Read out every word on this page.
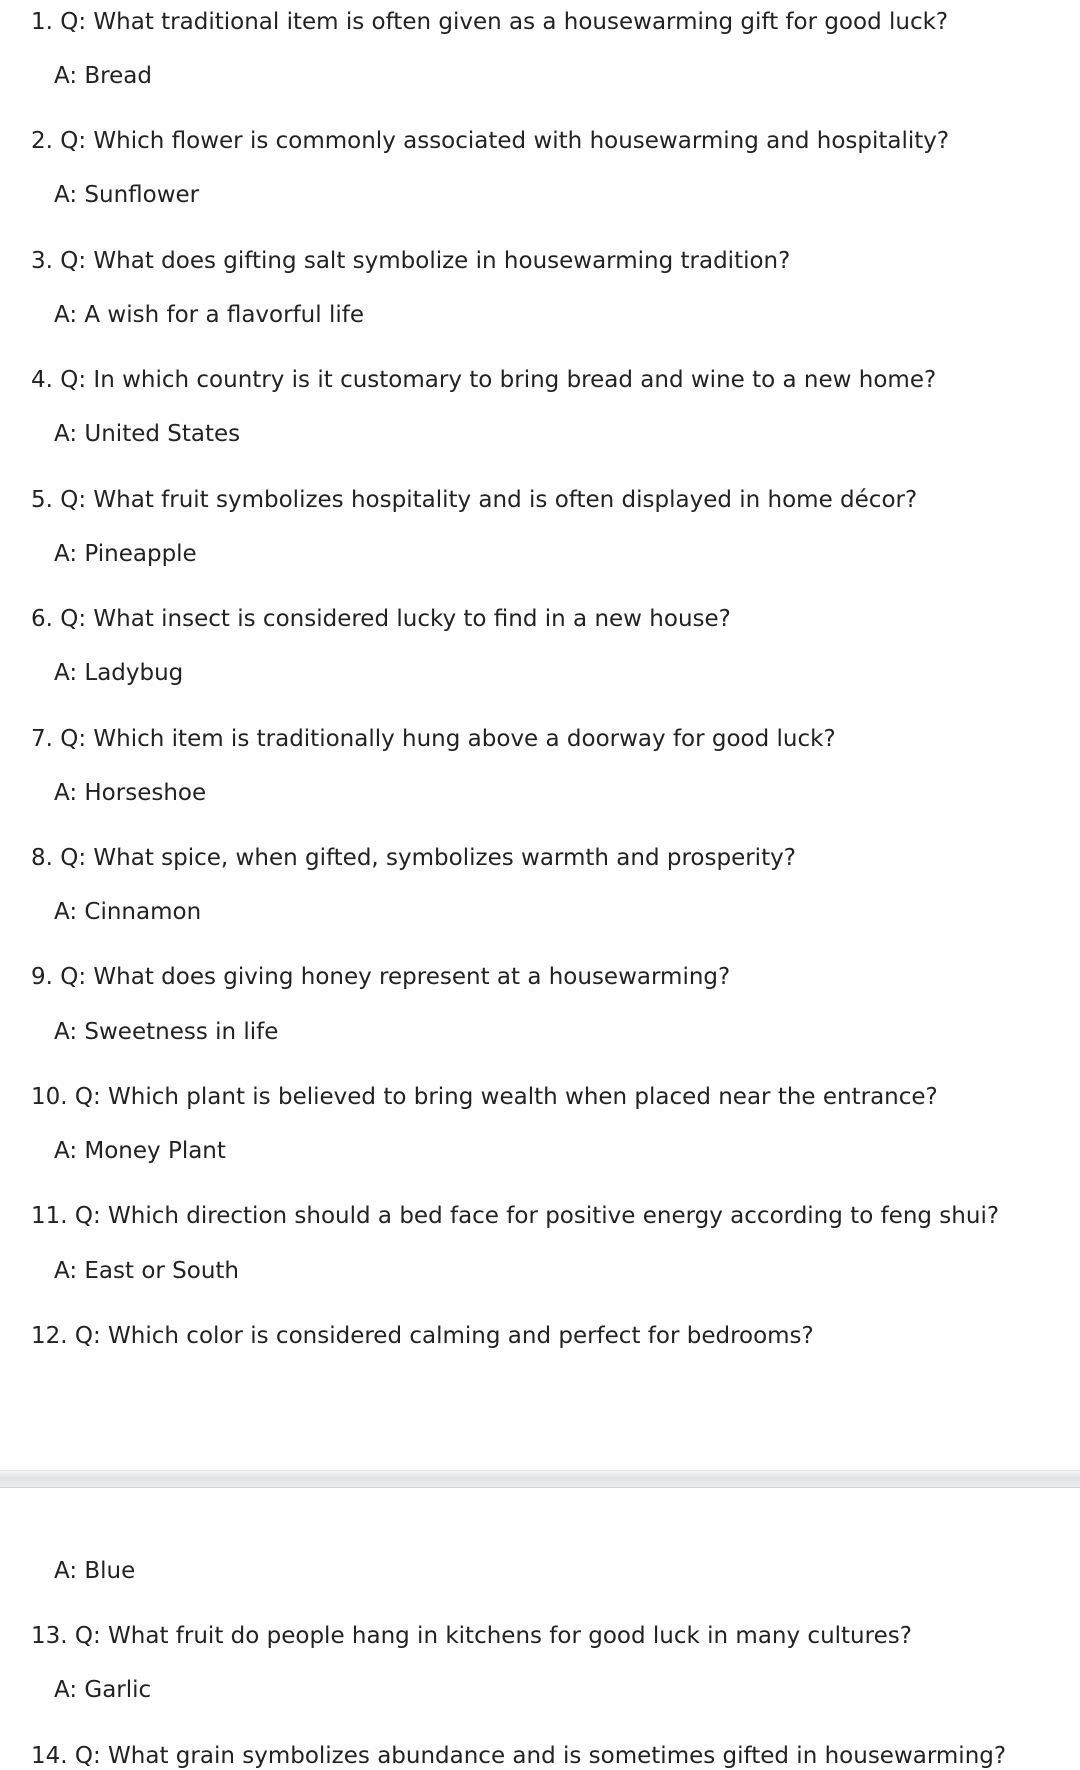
1. Q: What traditional item is often given as a housewarming gift for good luck?
A: Bread
2. Q: Which flower is commonly associated with housewarming and hospitality?
A: Sunflower
3. Q: What does gifting salt symbolize in housewarming tradition?
A: A wish for a flavorful life
4. Q: In which country is it customary to bring bread and wine to a new home?
A: United States
5. Q: What fruit symbolizes hospitality and is often displayed in home décor?
A: Pineapple
6. Q: What insect is considered lucky to find in a new house?
A: Ladybug
7. Q: Which item is traditionally hung above a doorway for good luck?
A: Horseshoe
8. Q: What spice, when gifted, symbolizes warmth and prosperity?
A: Cinnamon
9. Q: What does giving honey represent at a housewarming?
A: Sweetness in life
10. Q: Which plant is believed to bring wealth when placed near the entrance?
A: Money Plant
11. Q: Which direction should a bed face for positive energy according to feng shui?
A: East or South
12. Q: Which color is considered calming and perfect for bedrooms?
A: Blue
13. Q: What fruit do people hang in kitchens for good luck in many cultures?
A: Garlic
14. Q: What grain symbolizes abundance and is sometimes gifted in housewarming?
